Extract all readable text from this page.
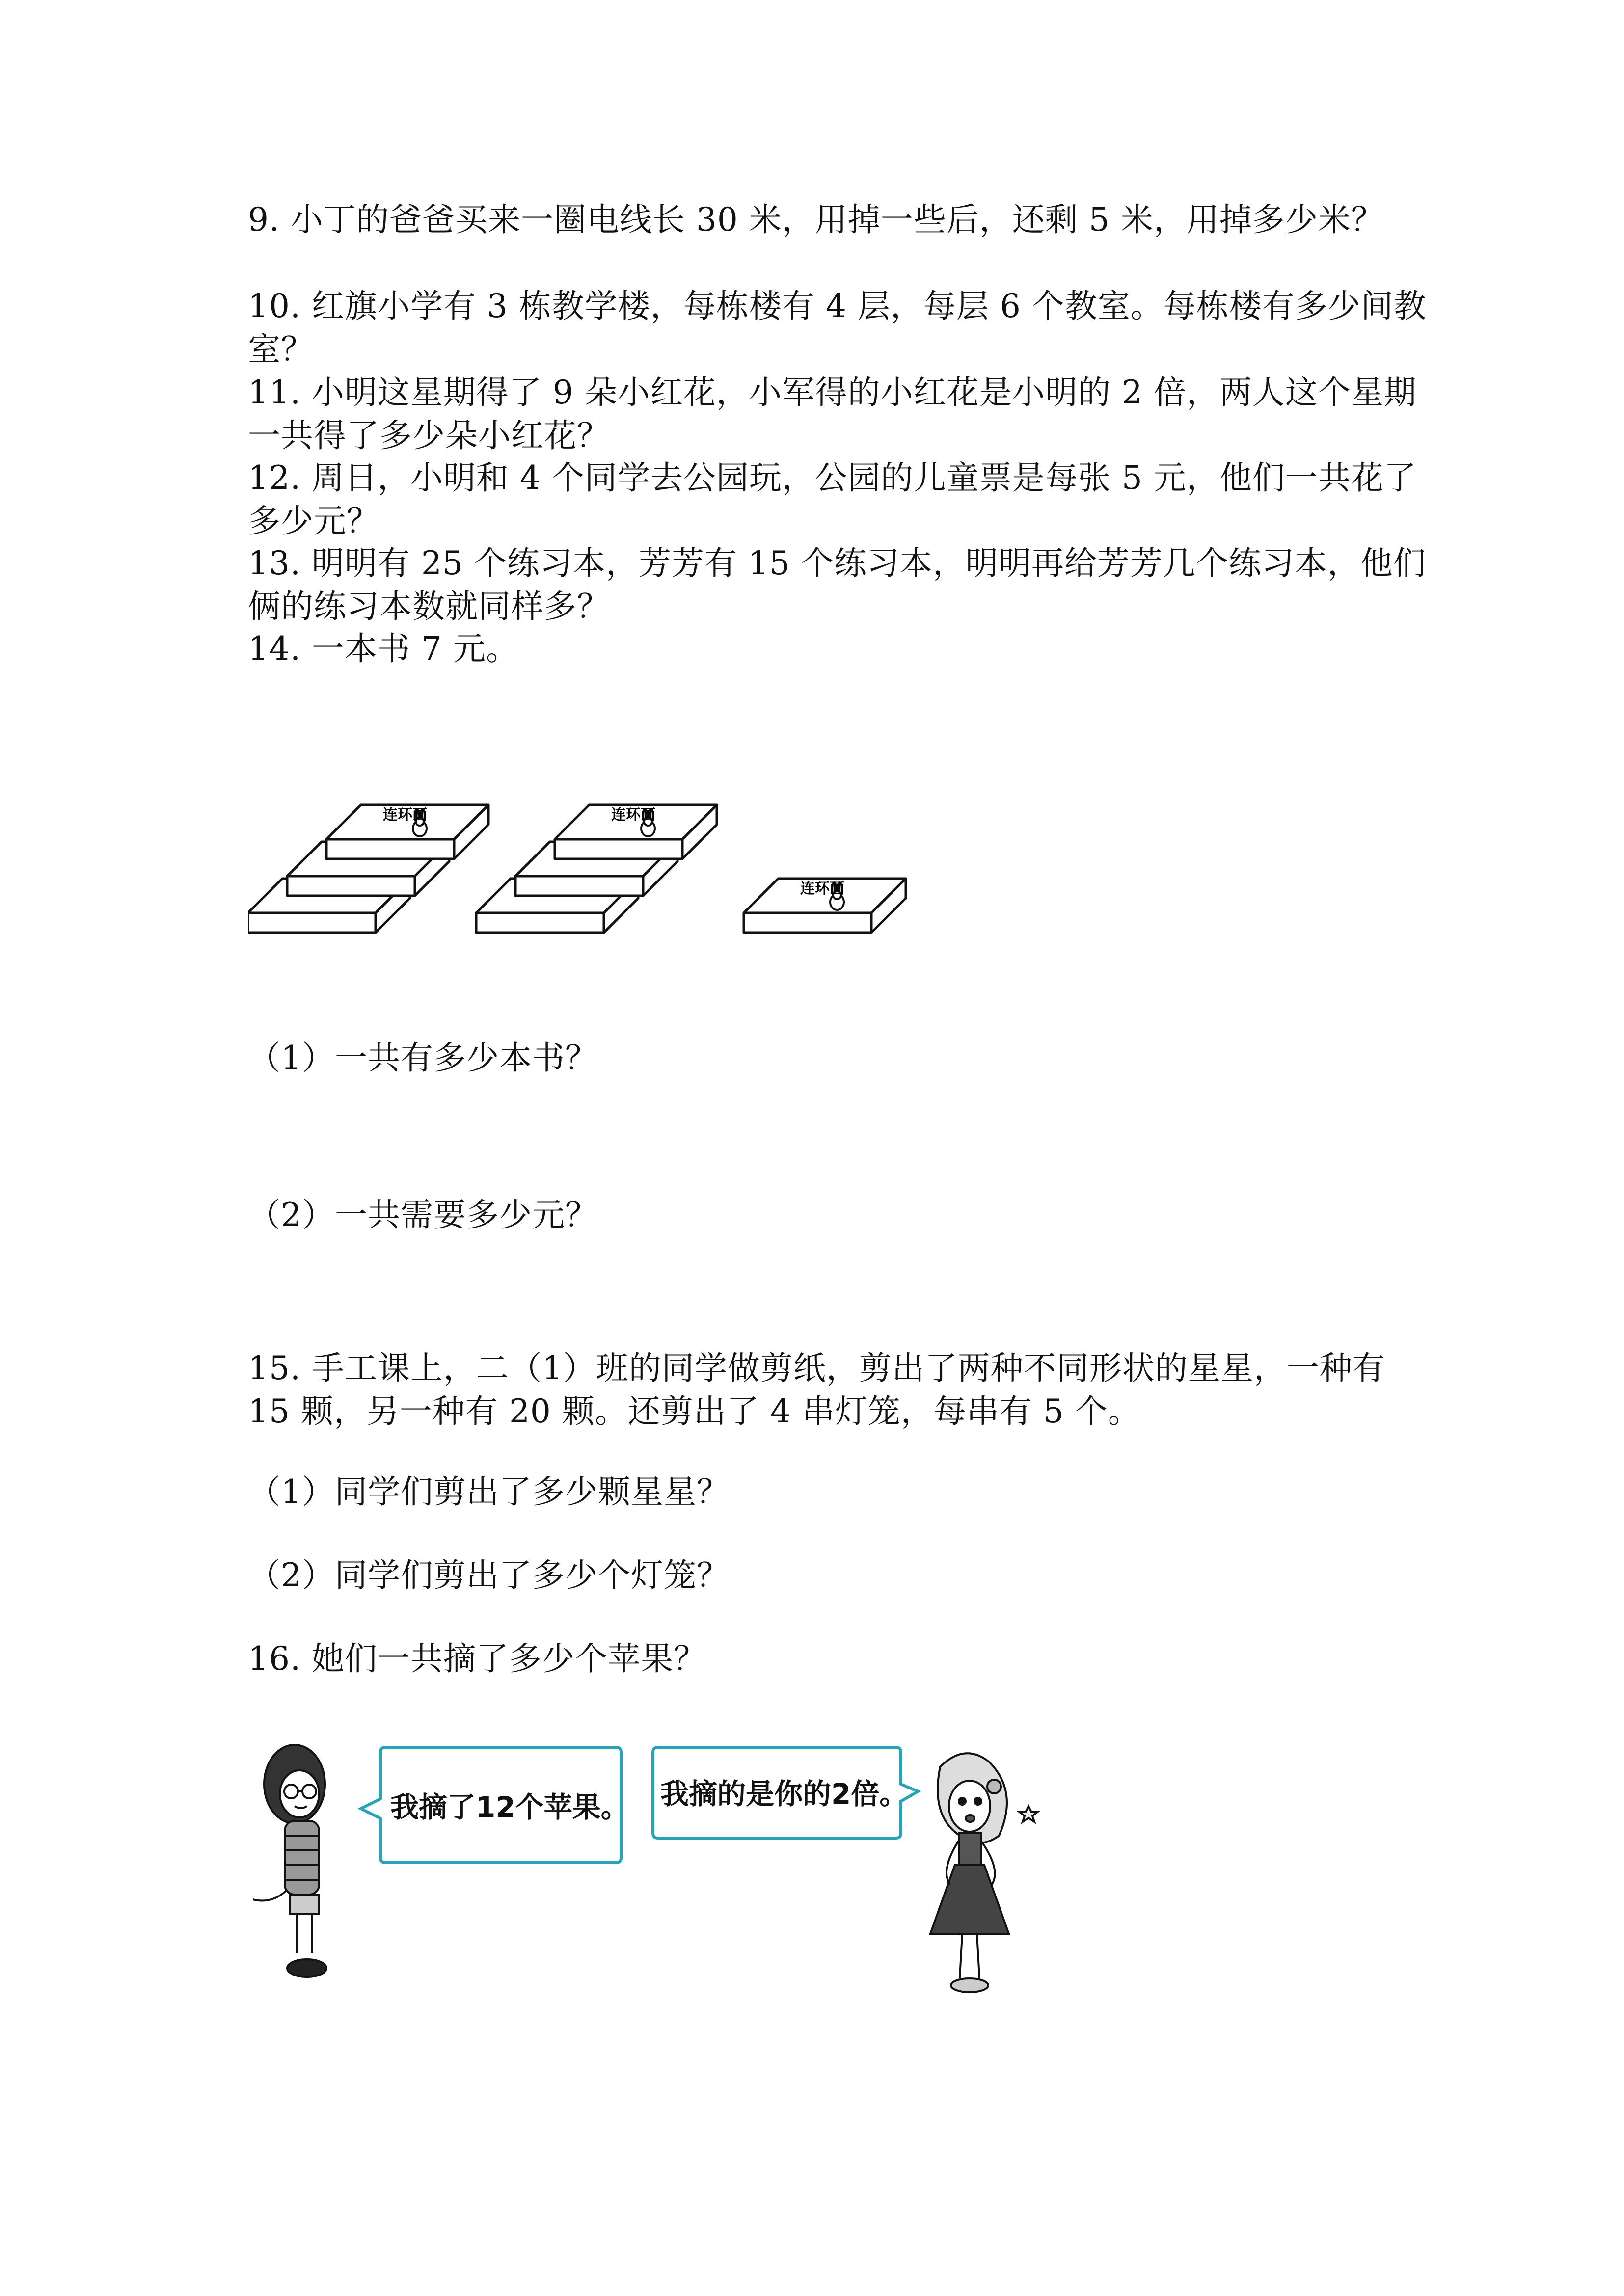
9. 小丁的爸爸买来一圈电线长 30 米，用掉一些后，还剩 5 米，用掉多少米？
10. 红旗小学有 3 栋教学楼，每栋楼有 4 层，每层 6 个教室。每栋楼有多少间教
室？
11. 小明这星期得了 9 朵小红花，小军得的小红花是小明的 2 倍，两人这个星期
一共得了多少朵小红花？
12. 周日，小明和 4 个同学去公园玩，公园的儿童票是每张 5 元，他们一共花了
多少元？
13. 明明有 25 个练习本，芳芳有 15 个练习本，明明再给芳芳几个练习本，他们
俩的练习本数就同样多？
14. 一本书 7 元。
连环画	连环画
连环画
（1）一共有多少本书？
（2）一共需要多少元？
15. 手工课上，二（1）班的同学做剪纸，剪出了两种不同形状的星星，一种有
15 颗，另一种有 20 颗。还剪出了 4 串灯笼，每串有 5 个。
（1）同学们剪出了多少颗星星？
（2）同学们剪出了多少个灯笼？
16. 她们一共摘了多少个苹果？
我摘了12个苹果。 我摘的是你的2倍。
